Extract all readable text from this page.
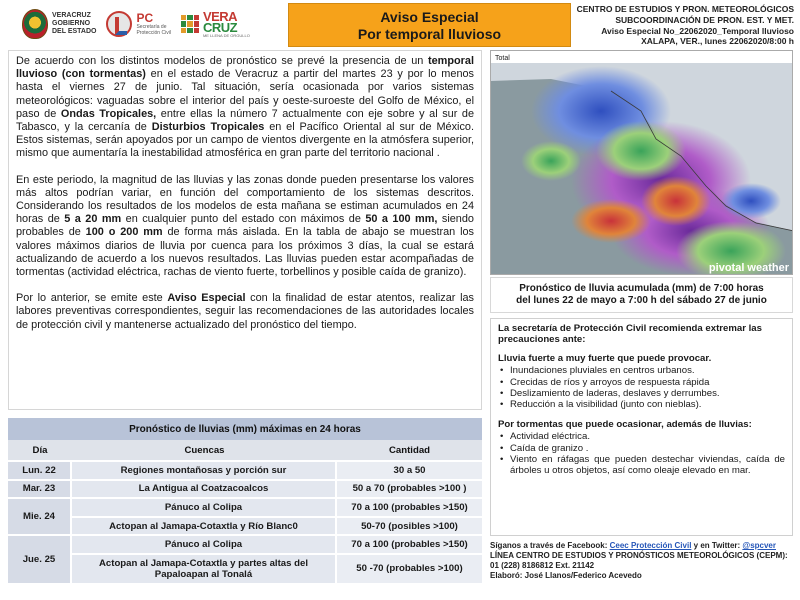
VERACRUZ
GOBIERNO
DEL ESTADO
PC
Secretaría de
Protección Civil
VERA
CRUZ
ME LLENA DE ORGULLO
Aviso Especial
Por temporal lluvioso
CENTRO DE ESTUDIOS Y PRON. METEOROLÓGICOS
SUBCOORDINACIÓN DE PRON. EST. Y MET.
Aviso Especial No_22062020_Temporal lluvioso
XALAPA, VER., lunes 22062020/8:00 h

De acuerdo con los distintos modelos de pronóstico se prevé la presencia de un temporal lluvioso (con tormentas) en el estado de Veracruz a partir del martes 23 y por lo menos hasta el viernes 27 de junio. Tal situación, sería ocasionada por varios sistemas meteorológicos: vaguadas sobre el interior del país y oeste-suroeste del Golfo de México, el paso de Ondas Tropicales, entre ellas la número 7 actualmente con eje sobre y al sur de Tabasco, y la cercanía de Disturbios Tropicales en el Pacífico Oriental al sur de México. Estos sistemas, serán apoyados por un campo de vientos divergente en la atmósfera superior, mismo que aumentaría la inestabilidad atmosférica en gran parte del territorio nacional .

En este periodo, la magnitud de las lluvias y las zonas donde pueden presentarse los valores más altos podrían variar, en función del comportamiento de los sistemas descritos. Considerando los resultados de los modelos de esta mañana se estiman acumulados en 24 horas de 5 a 20 mm en cualquier punto del estado con máximos de 50 a 100 mm, siendo probables de 100 o 200 mm de forma más aislada. En la tabla de abajo se muestran los valores máximos diarios de lluvia por cuenca para los próximos 3 días, la cual se estará actualizando de acuerdo a los nuevos resultados. Las lluvias pueden estar acompañadas de tormentas (actividad eléctrica, rachas de viento fuerte, torbellinos y posible caída de granizo).

Por lo anterior, se emite este Aviso Especial con la finalidad de estar atentos, realizar las labores preventivas correspondientes, seguir las recomendaciones de las autoridades locales de protección civil y mantenerse actualizado del pronóstico del tiempo.

Pronóstico de lluvias (mm) máximas en 24 horas		
Día	Cuencas	Cantidad
Lun. 22	Regiones montañosas y porción sur	30 a 50
Mar. 23	La Antigua al Coatzacoalcos	50 a 70 (probables >100 )
Mie. 24	Pánuco al Colipa	70 a 100 (probables >150)
	Actopan al Jamapa-Cotaxtla y Río Blanc0	50-70 (posibles >100)
Jue. 25	Pánuco al Colipa	70 a 100 (probables >150)
	Actopan al Jamapa-Cotaxtla y partes altas del Papaloapan al Tonalá	50 -70 (probables >100)
Total
pivotal weather
Pronóstico de lluvia acumulada (mm) de 7:00 horas
del lunes 22 de mayo a 7:00 h del sábado 27 de junio
La secretaría de Protección Civil recomienda extremar las precauciones ante:
Lluvia fuerte a muy fuerte que puede provocar.
• Inundaciones pluviales en centros urbanos.
• Crecidas de ríos y arroyos de respuesta rápida
• Deslizamiento de laderas, deslaves y derrumbes.
• Reducción a la visibilidad (junto con nieblas).
Por tormentas que puede ocasionar, además de lluvias:
• Actividad eléctrica.
• Caída de granizo .
• Viento en ráfagas que pueden destechar viviendas, caída de árboles u otros objetos, así como oleaje elevado en mar.
Síganos a través de Facebook: Ceec Protección Civil y en Twitter: @spcver
LÍNEA CENTRO DE ESTUDIOS Y PRONÓSTICOS METEOROLÓGICOS (CEPM):
01 (228) 8186812 Ext. 21142
Elaboró: José Llanos/Federico Acevedo
